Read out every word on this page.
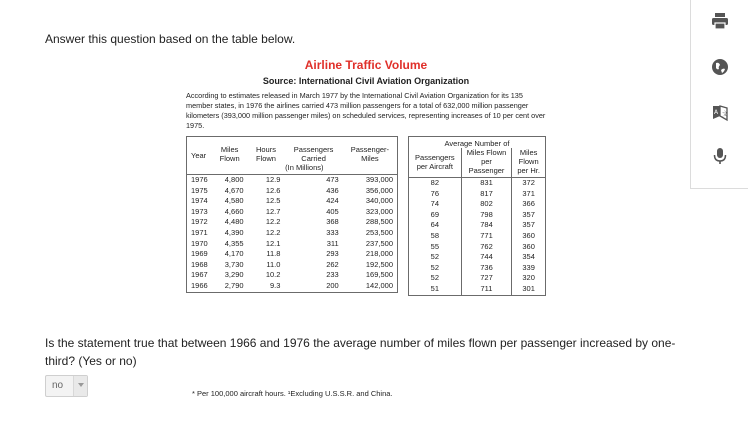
Answer this question based on the table below.
Airline Traffic Volume
Source: International Civil Aviation Organization

According to estimates released in March 1977 by the International Civil Aviation Organization for its 135 member states, in 1976 the airlines carried 473 million passengers for a total of 632,000 million passenger kilometers (393,000 million passenger miles) on scheduled services, representing increases of 10 per cent over 1975.

Year	Miles Flown	Hours Flown	Passengers Carried	Passenger- Miles
	(In Millions)			
1976	4,800	12.9	473	393,000
1975	4,670	12.6	436	356,000
1974	4,580	12.5	424	340,000
1973	4,660	12.7	405	323,000
1972	4,480	12.2	368	288,500
1971	4,390	12.2	333	253,500
1970	4,355	12.1	311	237,500
1969	4,170	11.8	293	218,000
1968	3,730	11.0	262	192,500
1967	3,290	10.2	233	169,500
1966	2,790	9.3	200	142,000
Average Number of		
Passengers per Aircraft	Miles Flown per Passenger	Miles Flown per Hr.
82	831	372
76	817	371
74	802	366
69	798	357
64	784	357
58	771	360
55	762	360
52	744	354
52	736	339
52	727	320
51	711	301
* Per 100,000 aircraft hours. ¹Excluding U.S.S.R. and China.
Is the statement true that between 1966 and 1976 the average number of miles flown per passenger increased by one-third? (Yes or no)
no
A 文
